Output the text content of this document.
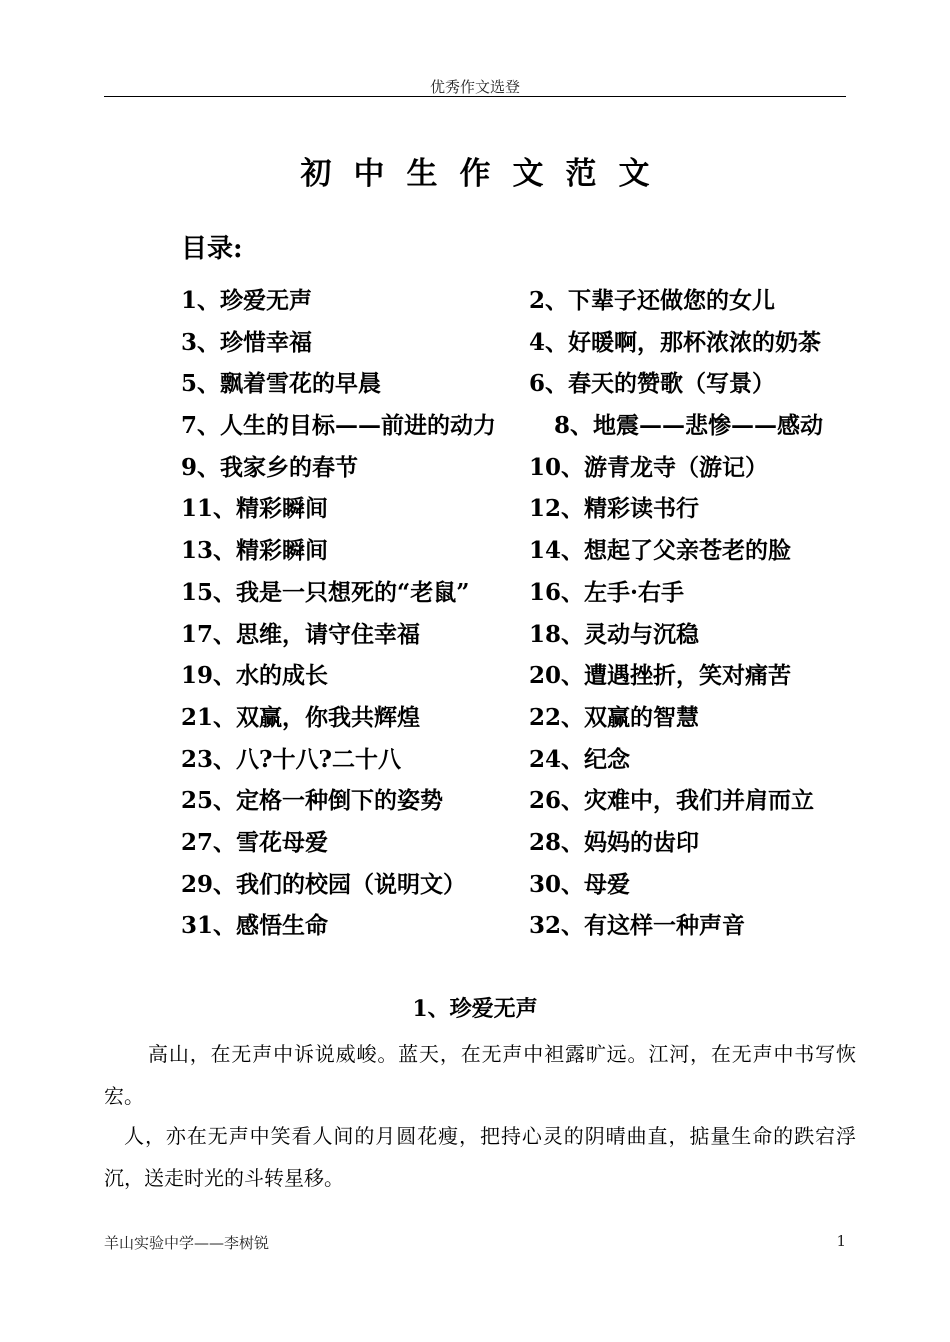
优秀作文选登
初中生作文范文
目录:
1、珍爱无声	2、下辈子还做您的女儿
3、珍惜幸福	4、好暖啊，那杯浓浓的奶茶
5、飘着雪花的早晨	6、春天的赞歌（写景）
7、人生的目标——前进的动力	8、地震——悲惨——感动
9、我家乡的春节	10、游青龙寺（游记）
11、精彩瞬间	12、精彩读书行
13、精彩瞬间	14、想起了父亲苍老的脸
15、我是一只想死的“老鼠”	16、左手·右手
17、思维，请守住幸福	18、灵动与沉稳
19、水的成长	20、遭遇挫折，笑对痛苦
21、双赢，你我共辉煌	22、双赢的智慧
23、八?十八?二十八	24、纪念
25、定格一种倒下的姿势	26、灾难中，我们并肩而立
27、雪花母爱	28、妈妈的齿印
29、我们的校园（说明文）	30、母爱
31、感悟生命	32、有这样一种声音
1、珍爱无声
高山，在无声中诉说威峻。蓝天，在无声中袒露旷远。江河，在无声中书写恢宏。
人，亦在无声中笑看人间的月圆花瘦，把持心灵的阴晴曲直，掂量生命的跌宕浮沉，送走时光的斗转星移。
羊山实验中学——李树锐	1
